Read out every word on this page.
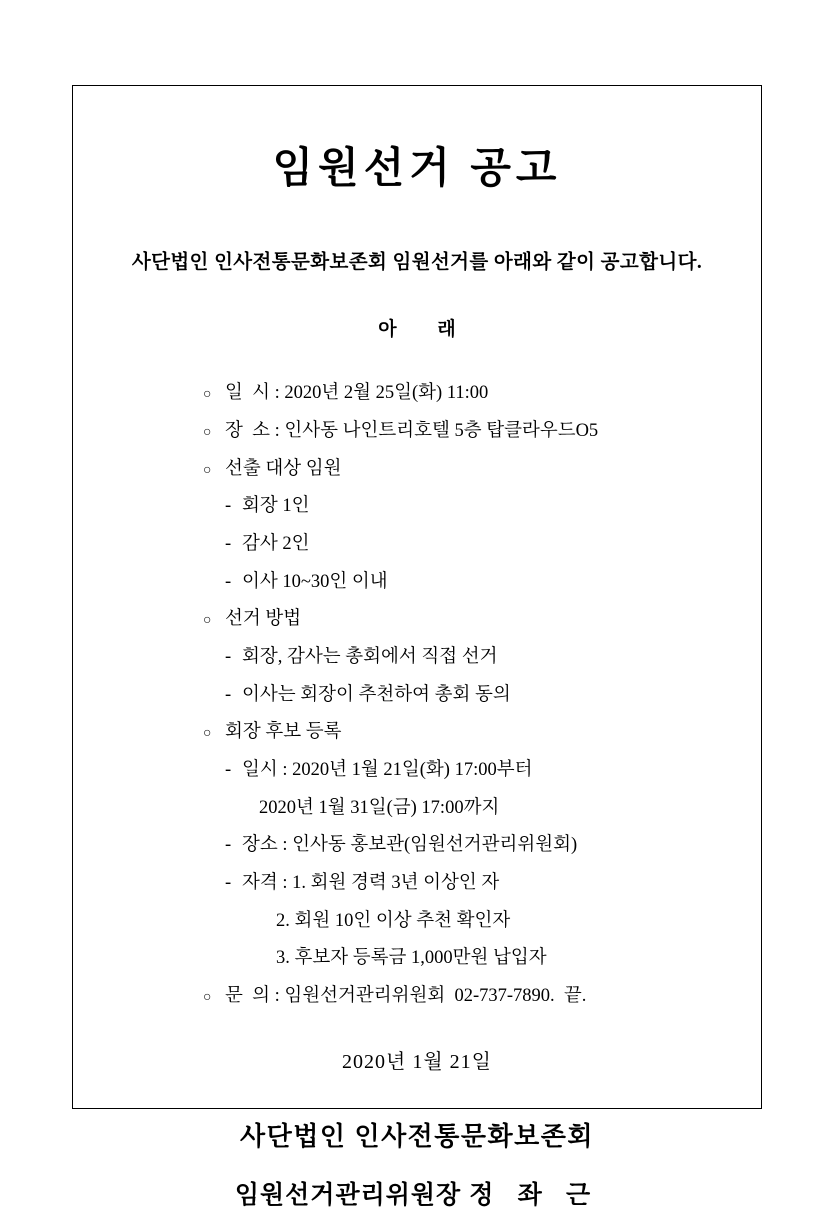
임원선거 공고
사단법인 인사전통문화보존회 임원선거를 아래와 같이 공고합니다.
아 래
○ 일  시 : 2020년 2월 25일(화) 11:00
○ 장  소 : 인사동 나인트리호텔 5층 탑클라우드O5
○ 선출 대상 임원
- 회장 1인
- 감사 2인
- 이사 10~30인 이내
○ 선거 방법
- 회장, 감사는 총회에서 직접 선거
- 이사는 회장이 추천하여 총회 동의
○ 회장 후보 등록
- 일시 : 2020년 1월 21일(화) 17:00부터
2020년 1월 31일(금) 17:00까지
- 장소 : 인사동 홍보관(임원선거관리위원회)
- 자격 : 1. 회원 경력 3년 이상인 자
2. 회원 10인 이상 추천 확인자
3. 후보자 등록금 1,000만원 납입자
○ 문  의 : 임원선거관리위원회  02-737-7890.  끝.
2020년 1월 21일
사단법인 인사전통문화보존회
임원선거관리위원장 정 좌 근
